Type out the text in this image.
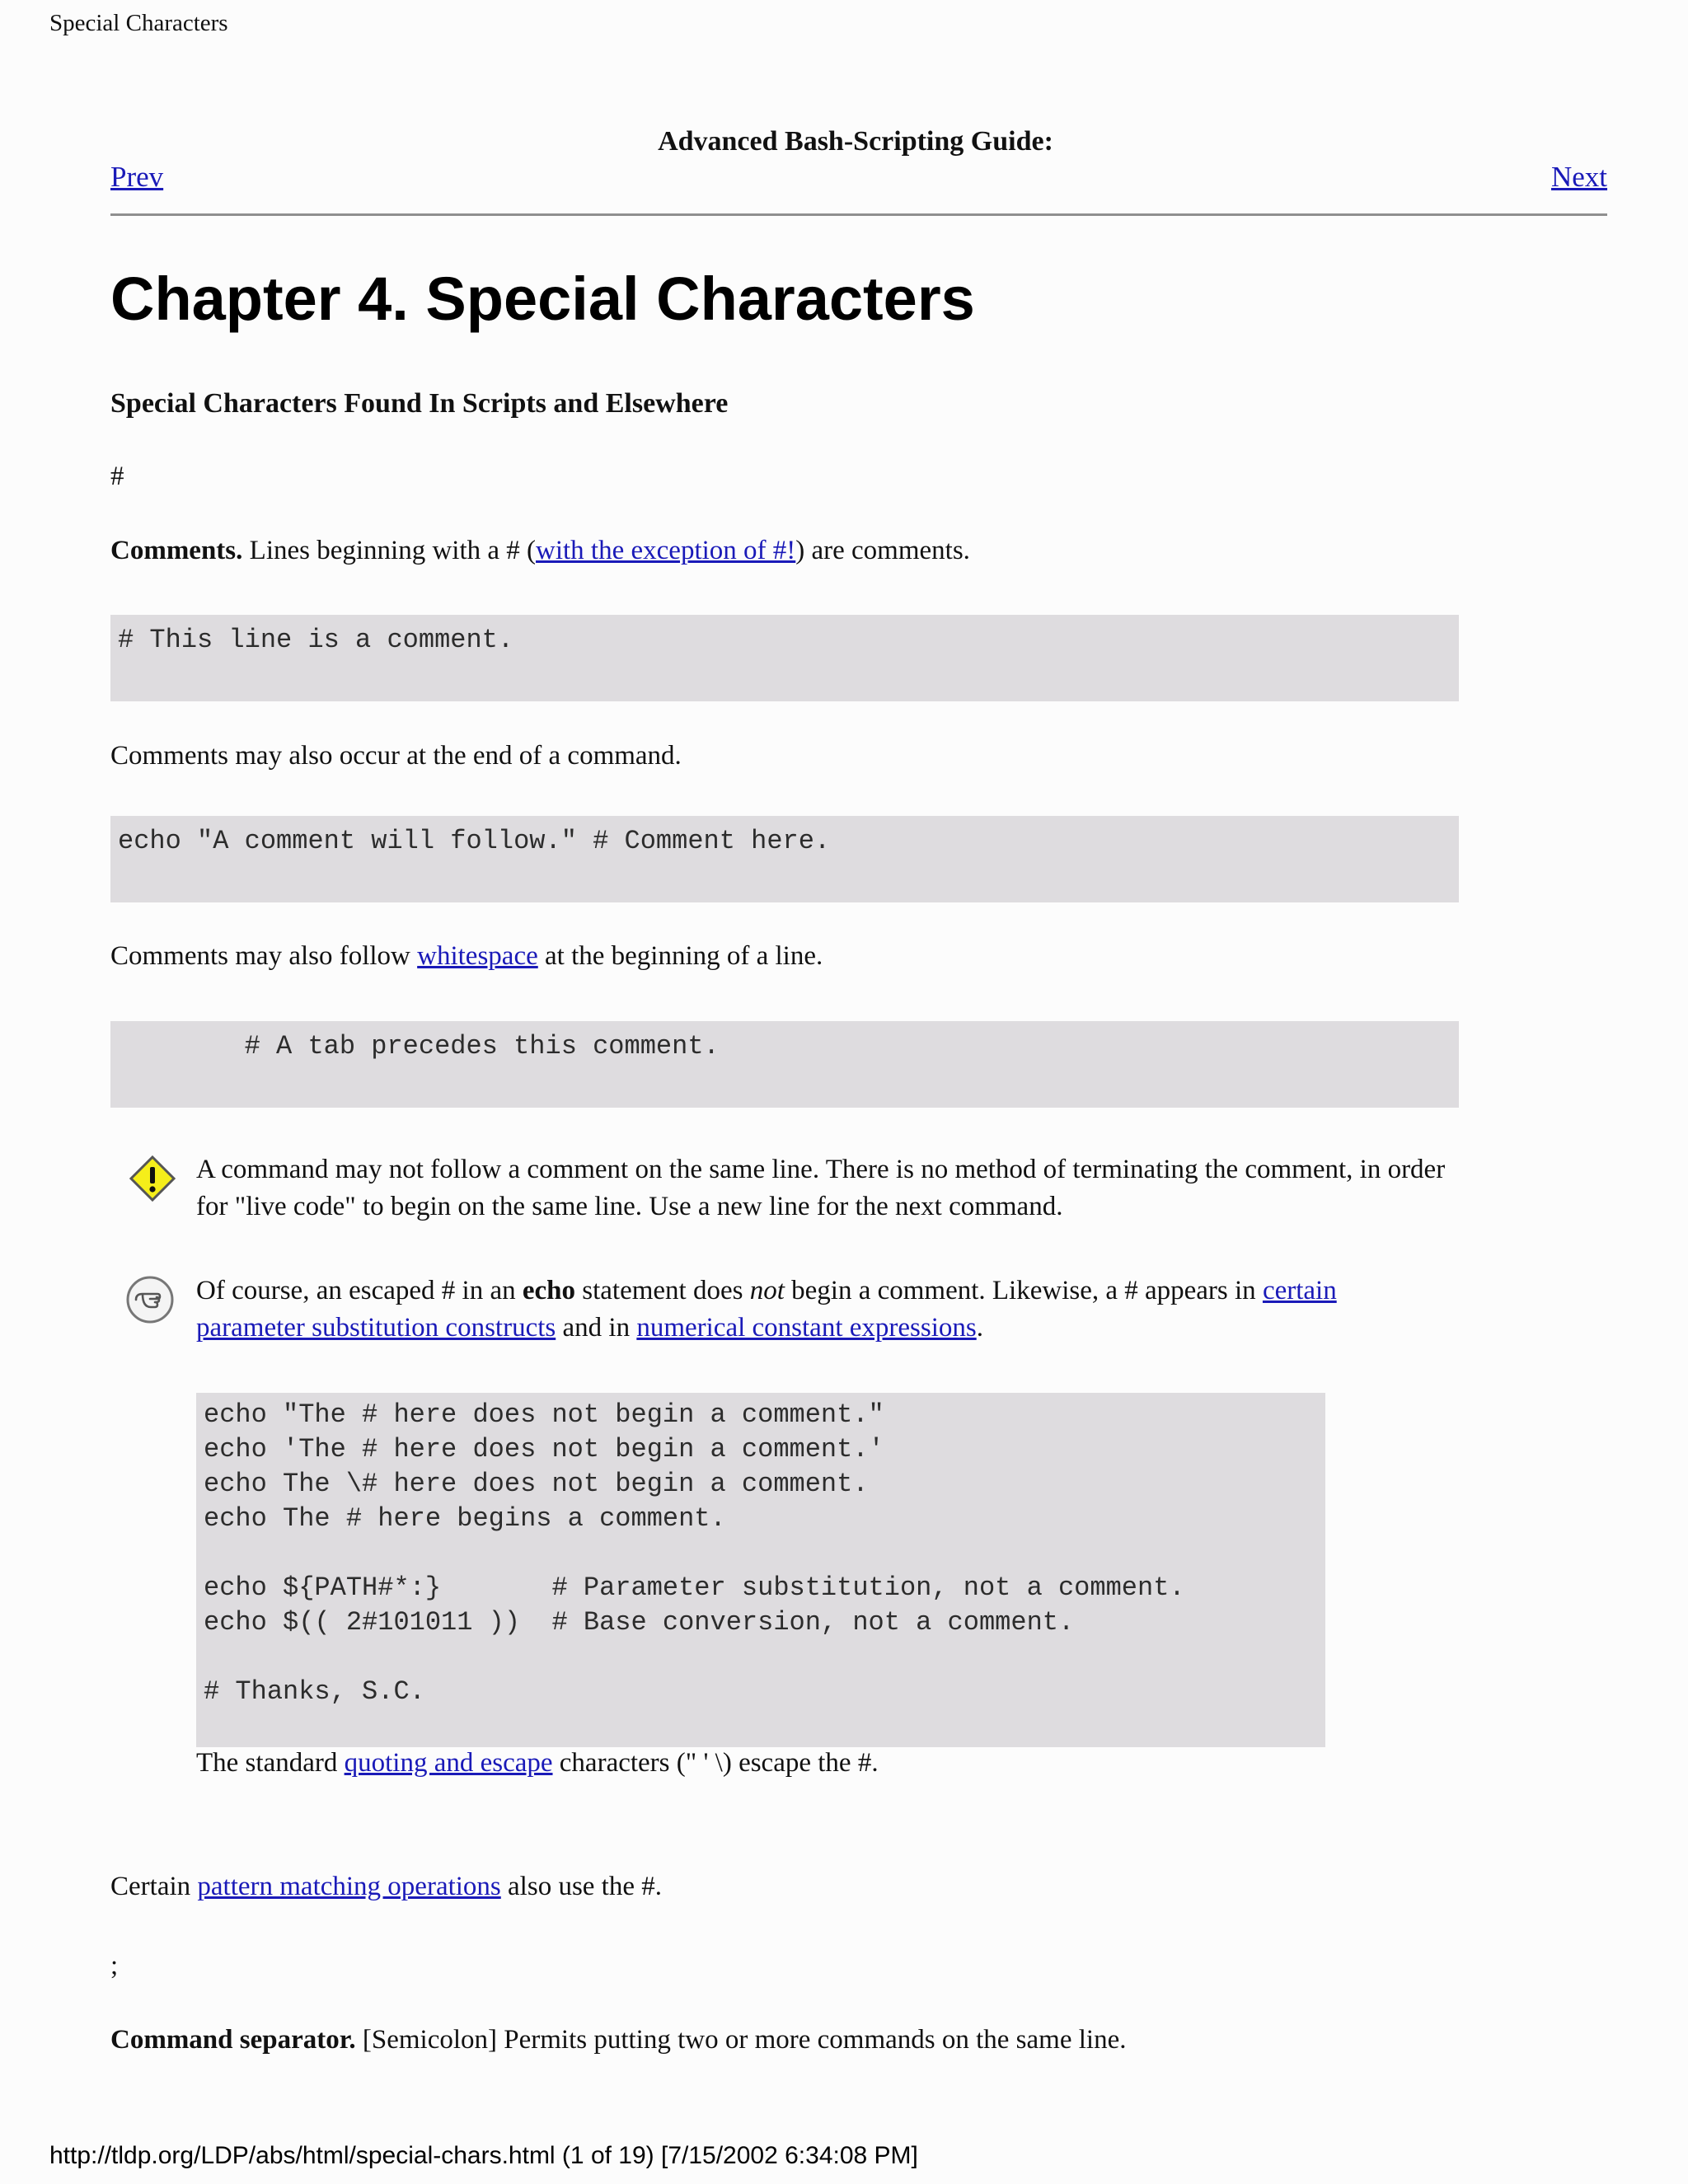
Special Characters
Advanced Bash-Scripting Guide:
Prev	Next
Chapter 4. Special Characters
Special Characters Found In Scripts and Elsewhere
#
Comments. Lines beginning with a # (with the exception of #!) are comments.
# This line is a comment.
Comments may also occur at the end of a command.
echo "A comment will follow." # Comment here.
Comments may also follow whitespace at the beginning of a line.
# A tab precedes this comment.
A command may not follow a comment on the same line. There is no method of terminating the comment, in order for "live code" to begin on the same line. Use a new line for the next command.
Of course, an escaped # in an echo statement does not begin a comment. Likewise, a # appears in certain parameter substitution constructs and in numerical constant expressions.
echo "The # here does not begin a comment."
echo 'The # here does not begin a comment.'
echo The \# here does not begin a comment.
echo The # here begins a comment.

echo ${PATH#*:}       # Parameter substitution, not a comment.
echo $(( 2#101011 ))  # Base conversion, not a comment.

# Thanks, S.C.
The standard quoting and escape characters (" ' \) escape the #.
Certain pattern matching operations also use the #.
;
Command separator. [Semicolon] Permits putting two or more commands on the same line.
http://tldp.org/LDP/abs/html/special-chars.html (1 of 19) [7/15/2002 6:34:08 PM]
